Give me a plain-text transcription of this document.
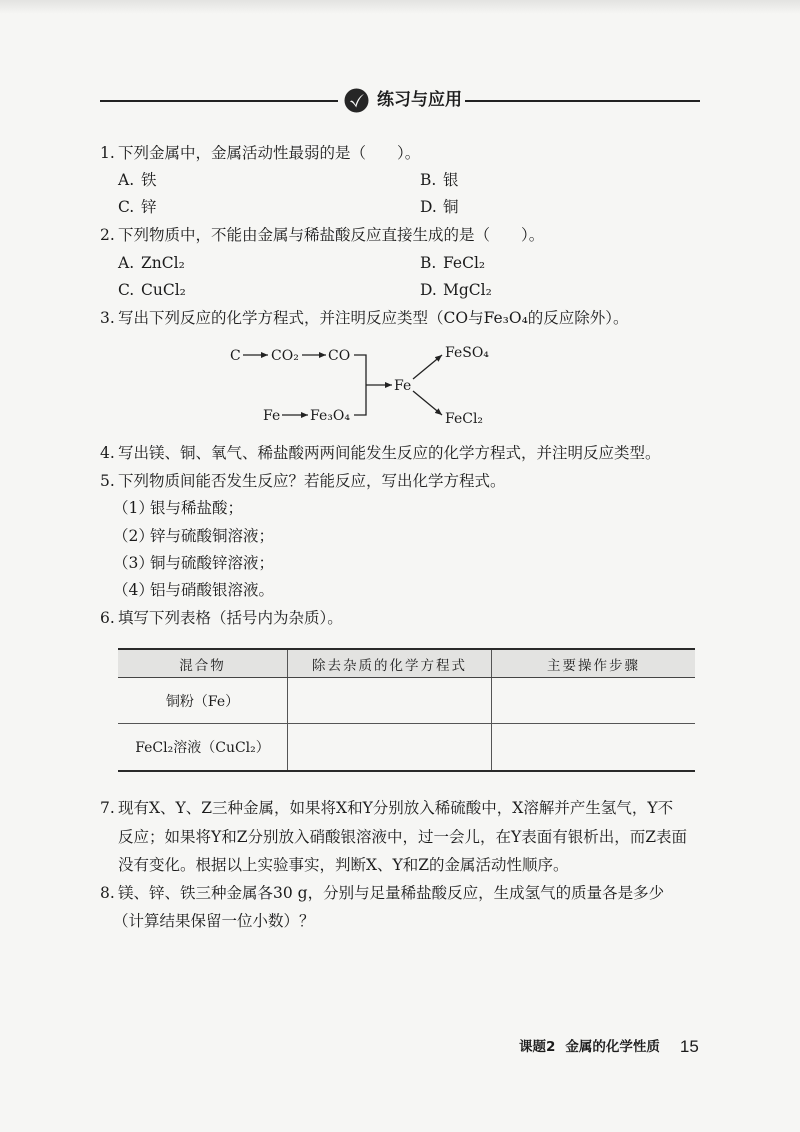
练习与应用
1. 下列金属中，金属活动性最弱的是（　　）。
A. 铁	B. 银
C. 锌	D. 铜
2. 下列物质中，不能由金属与稀盐酸反应直接生成的是（　　）。
A. ZnCl₂	B. FeCl₂
C. CuCl₂	D. MgCl₂
3. 写出下列反应的化学方程式，并注明反应类型（CO与Fe₃O₄的反应除外）。
C CO₂ CO
Fe Fe₃O₄
Fe
FeSO₄
FeCl₂
4. 写出镁、铜、氧气、稀盐酸两两间能发生反应的化学方程式，并注明反应类型。
5. 下列物质间能否发生反应？若能反应，写出化学方程式。
（1）银与稀盐酸；
（2）锌与硫酸铜溶液；
（3）铜与硫酸锌溶液；
（4）铝与硝酸银溶液。
6. 填写下列表格（括号内为杂质）。
混合物	除去杂质的化学方程式	主要操作步骤
铜粉（Fe）		
FeCl₂溶液（CuCl₂）		
7. 现有X、Y、Z三种金属，如果将X和Y分别放入稀硫酸中，X溶解并产生氢气，Y不
反应；如果将Y和Z分别放入硝酸银溶液中，过一会儿，在Y表面有银析出，而Z表面
没有变化。根据以上实验事实，判断X、Y和Z的金属活动性顺序。
8. 镁、锌、铁三种金属各30 g，分别与足量稀盐酸反应，生成氢气的质量各是多少
（计算结果保留一位小数）？
课题2 金属的化学性质 15
